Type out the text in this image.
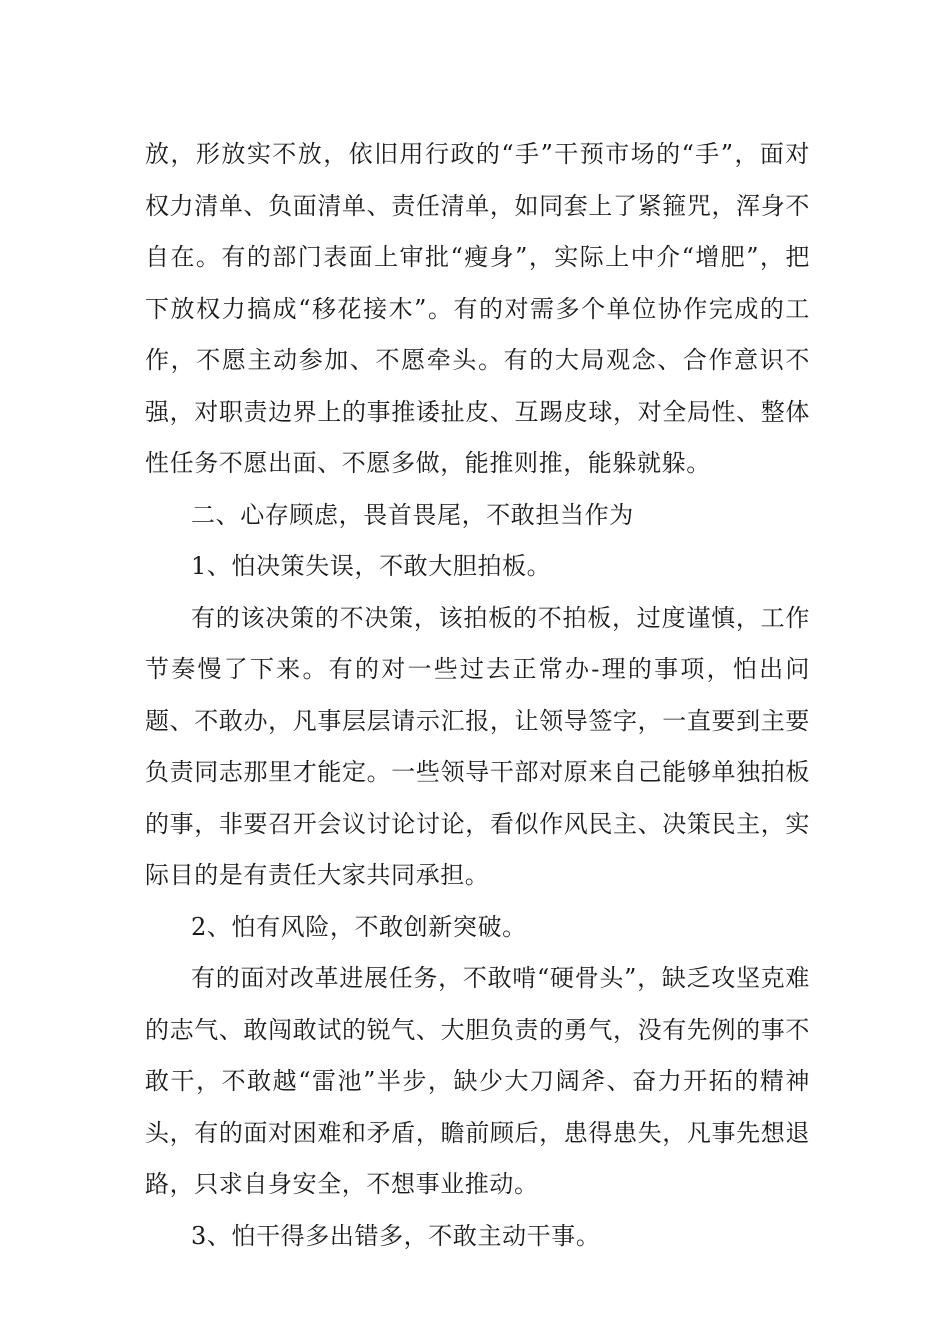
放，形放实不放，依旧用行政的“手”干预市场的“手”，面对权力清单、负面清单、责任清单，如同套上了紧箍咒，浑身不自在。有的部门表面上审批“瘦身”，实际上中介“增肥”，把下放权力搞成“移花接木”。有的对需多个单位协作完成的工作，不愿主动参加、不愿牵头。有的大局观念、合作意识不强，对职责边界上的事推诿扯皮、互踢皮球，对全局性、整体性任务不愿出面、不愿多做，能推则推，能躲就躲。

二、心存顾虑，畏首畏尾，不敢担当作为

1、怕决策失误，不敢大胆拍板。

有的该决策的不决策，该拍板的不拍板，过度谨慎，工作节奏慢了下来。有的对一些过去正常办-理的事项，怕出问题、不敢办，凡事层层请示汇报，让领导签字，一直要到主要负责同志那里才能定。一些领导干部对原来自己能够单独拍板的事，非要召开会议讨论讨论，看似作风民主、决策民主，实际目的是有责任大家共同承担。

2、怕有风险，不敢创新突破。

有的面对改革进展任务，不敢啃“硬骨头”，缺乏攻坚克难的志气、敢闯敢试的锐气、大胆负责的勇气，没有先例的事不敢干，不敢越“雷池”半步，缺少大刀阔斧、奋力开拓的精神头，有的面对困难和矛盾，瞻前顾后，患得患失，凡事先想退路，只求自身安全，不想事业推动。

3、怕干得多出错多，不敢主动干事。
